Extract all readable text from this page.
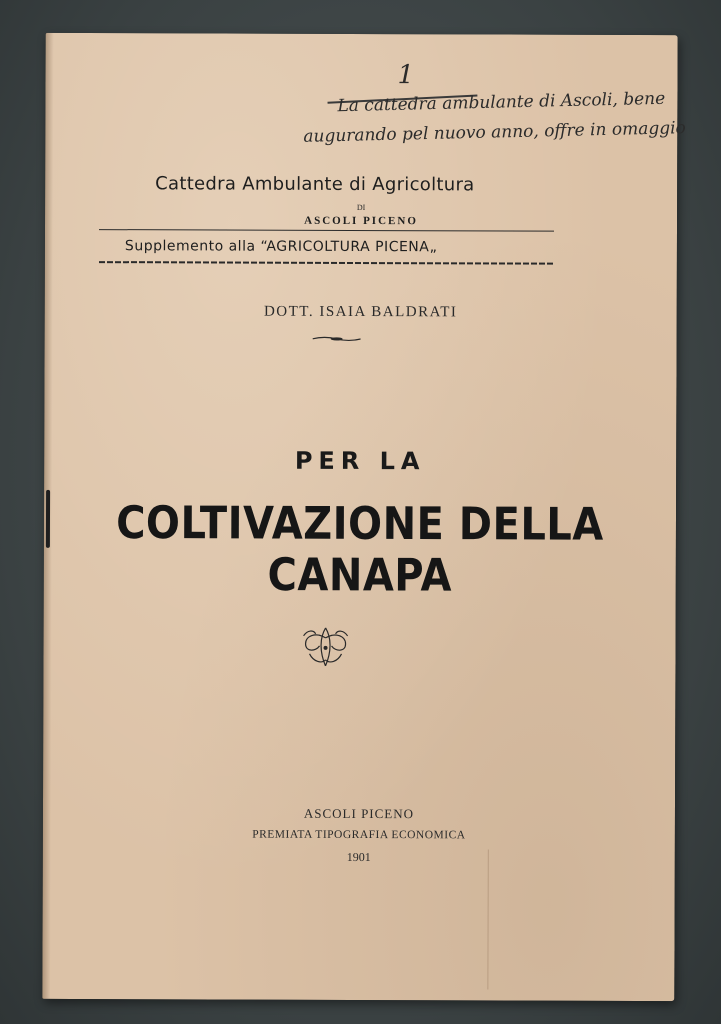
1
La cattedra ambulante di Ascoli, bene
augurando pel nuovo anno, offre in omaggio
Cattedra Ambulante di Agricoltura
DI
ASCOLI PICENO
Supplemento alla “AGRICOLTURA PICENA„
DOTT. ISAIA BALDRATI
PER LA
COLTIVAZIONE DELLA CANAPA
ASCOLI PICENO
PREMIATA TIPOGRAFIA ECONOMICA
1901
